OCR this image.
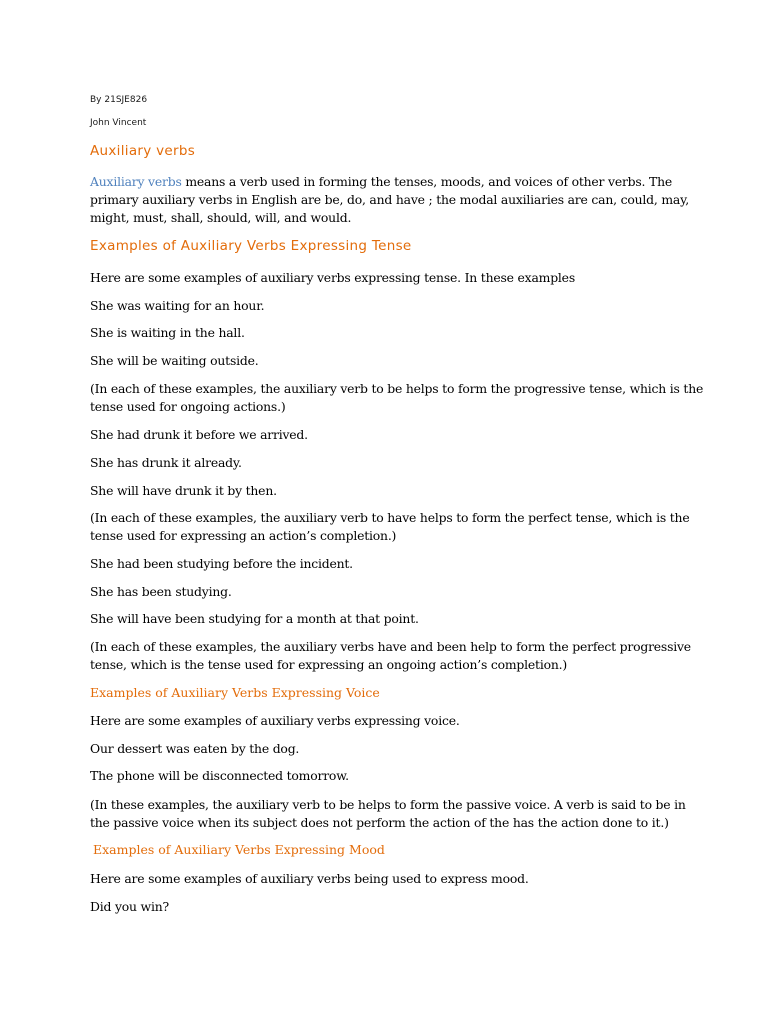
By 21SJE826
John Vincent
Auxiliary verbs
Auxiliary verbs means a verb used in forming the tenses, moods, and voices of other verbs. The
primary auxiliary verbs in English are be, do, and have ; the modal auxiliaries are can, could, may,
might, must, shall, should, will, and would.
Examples of Auxiliary Verbs Expressing Tense
Here are some examples of auxiliary verbs expressing tense. In these examples
She was waiting for an hour.
She is waiting in the hall.
She will be waiting outside.
(In each of these examples, the auxiliary verb to be helps to form the progressive tense, which is the
tense used for ongoing actions.)
She had drunk it before we arrived.
She has drunk it already.
She will have drunk it by then.
(In each of these examples, the auxiliary verb to have helps to form the perfect tense, which is the
tense used for expressing an action’s completion.)
She had been studying before the incident.
She has been studying.
She will have been studying for a month at that point.
(In each of these examples, the auxiliary verbs have and been help to form the perfect progressive
tense, which is the tense used for expressing an ongoing action’s completion.)
Examples of Auxiliary Verbs Expressing Voice
Here are some examples of auxiliary verbs expressing voice.
Our dessert was eaten by the dog.
The phone will be disconnected tomorrow.
(In these examples, the auxiliary verb to be helps to form the passive voice. A verb is said to be in
the passive voice when its subject does not perform the action of the has the action done to it.)
Examples of Auxiliary Verbs Expressing Mood
Here are some examples of auxiliary verbs being used to express mood.
Did you win?
